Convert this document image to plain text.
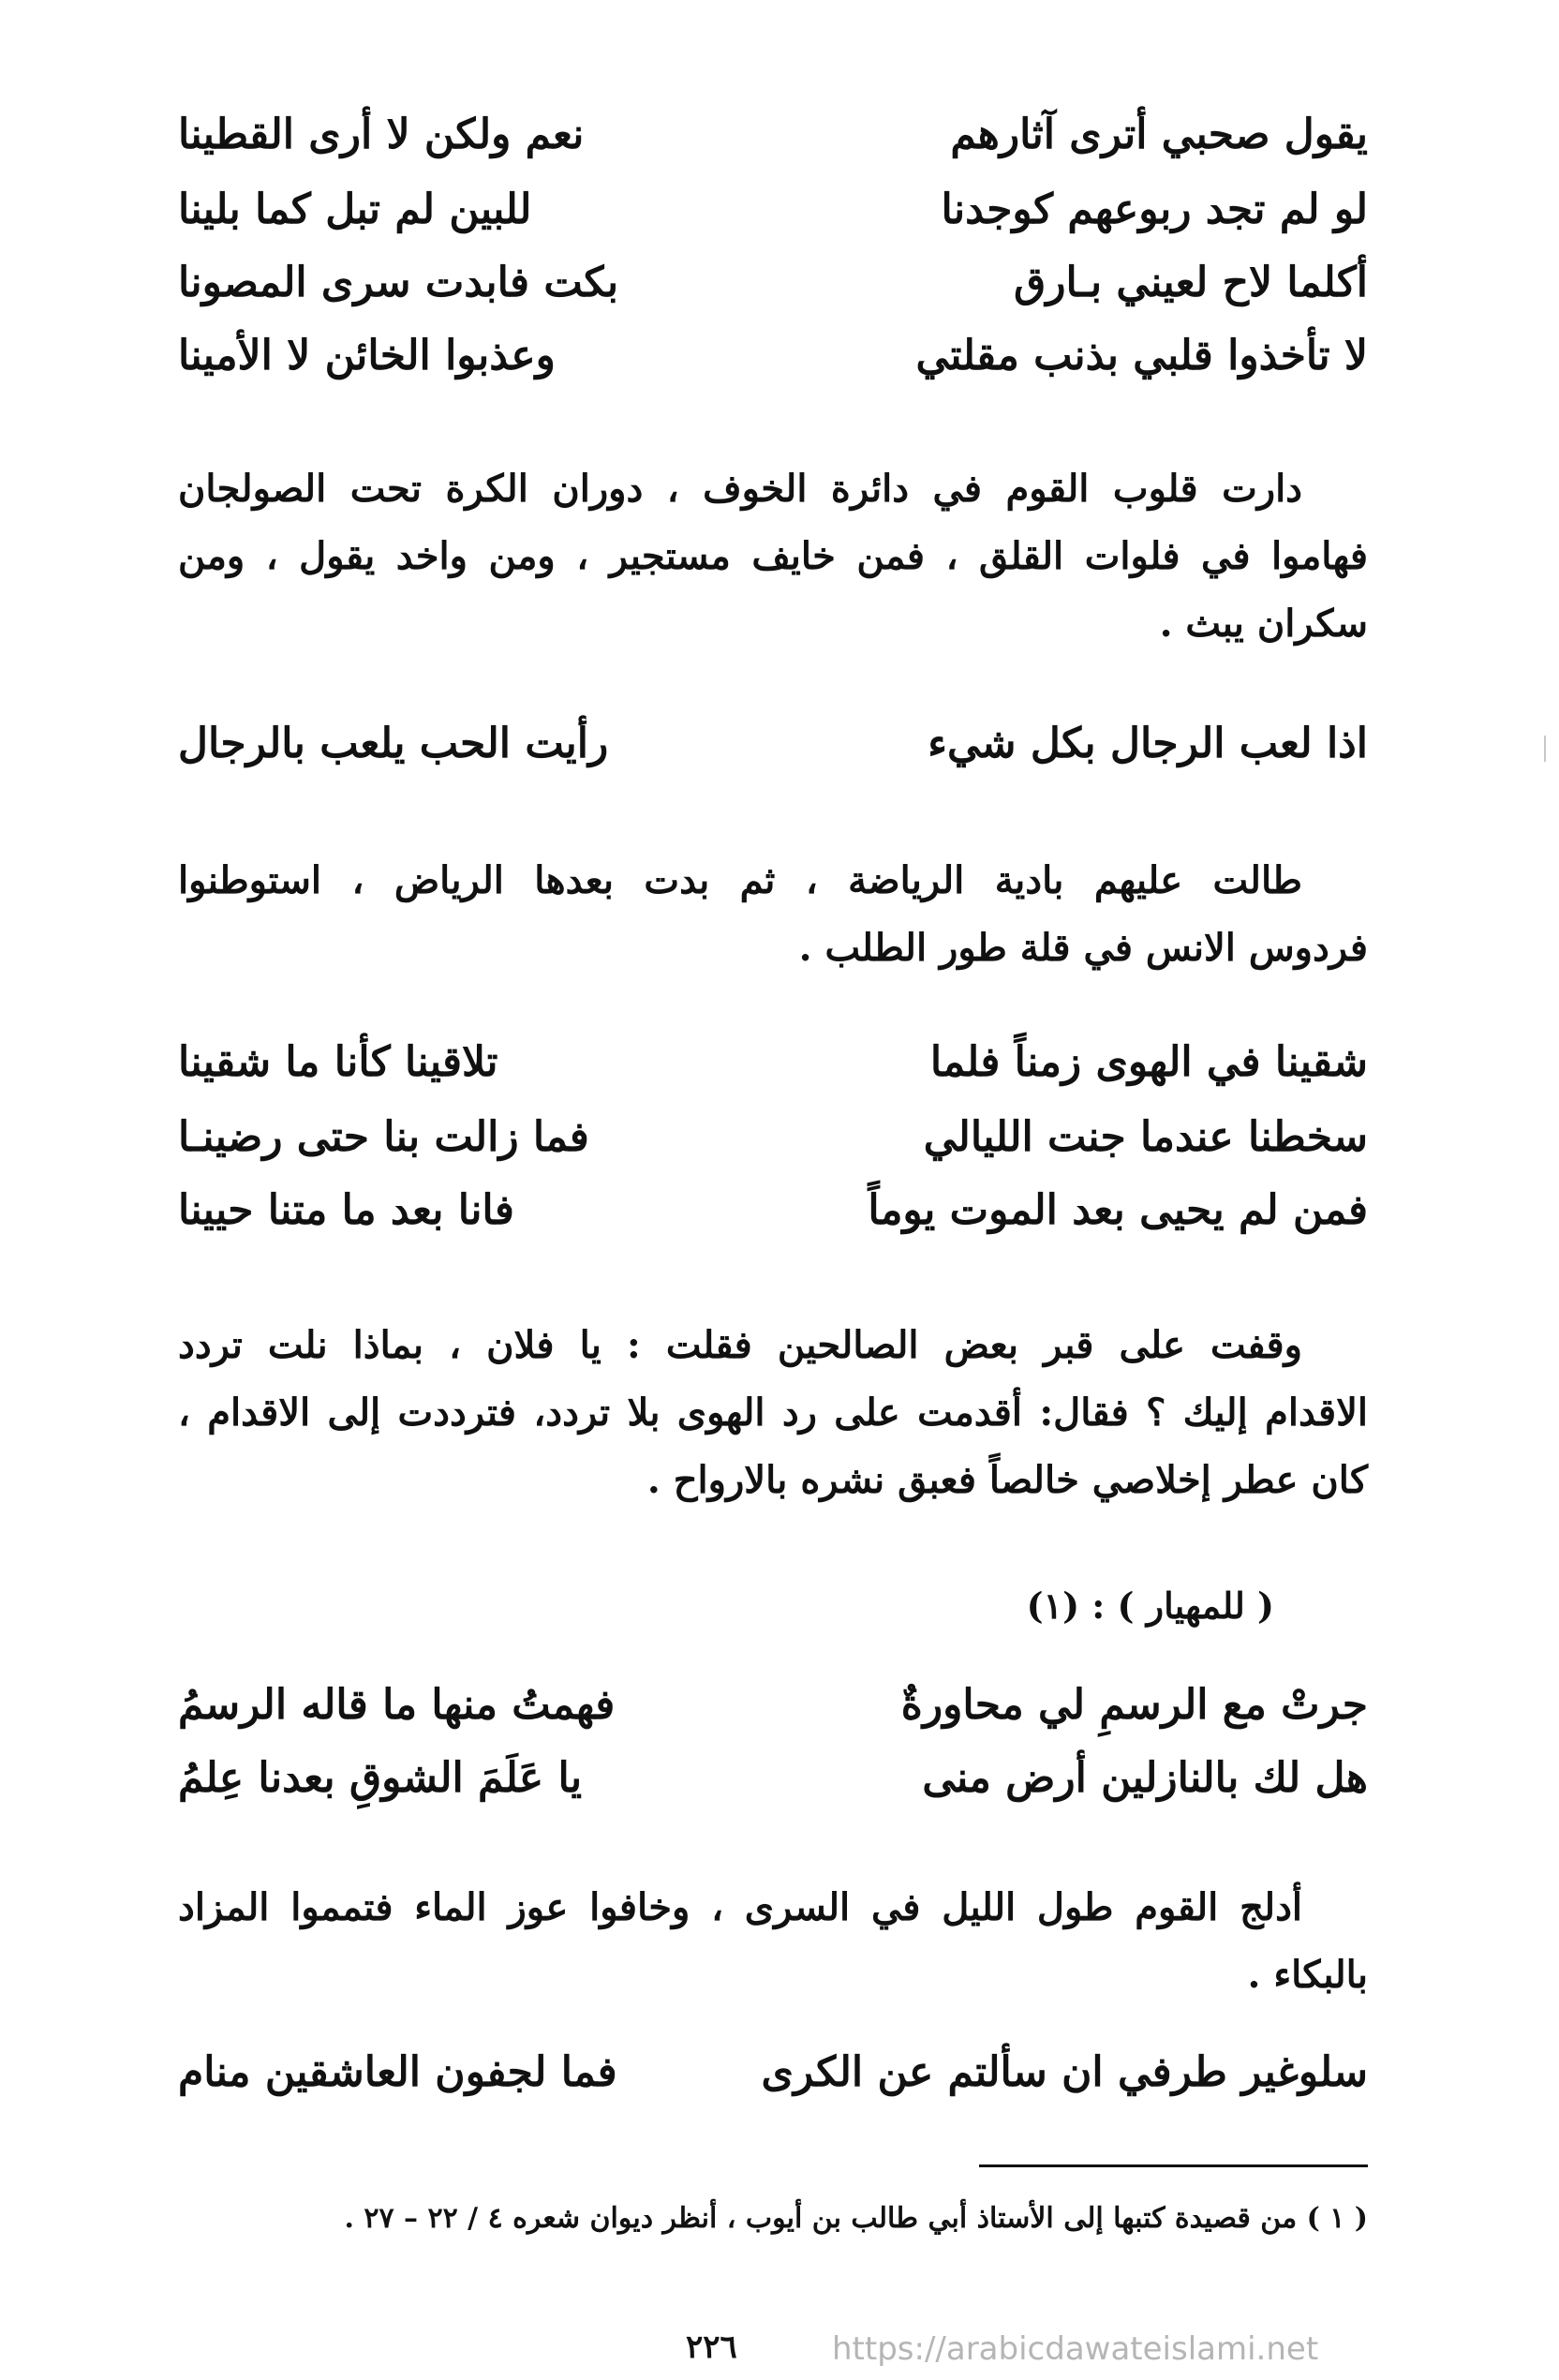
يقول صحبي أترى آثارهم
نعم ولكن لا أرى القطينا
لو لم تجد ربوعهم كوجدنا
للبين لم تبل كما بلينا
أكلما لاح لعيني بـارق
بكت فابدت سرى المصونا
لا تأخذوا قلبي بذنب مقلتي
وعذبوا الخائن لا الأمينا
دارت قلوب القوم في دائرة الخوف ، دوران الكرة تحت الصولجان
فهاموا في فلوات القلق ، فمن خايف مستجير ، ومن واخد يقول ، ومن
سكران يبث .
اذا لعب الرجال بكل شيء
رأيت الحب يلعب بالرجال
طالت عليهم بادية الرياضة ، ثم بدت بعدها الرياض ، استوطنوا
فردوس الانس في قلة طور الطلب .
شقينا في الهوى زمناً فلما
تلاقينا كأنا ما شقينا
سخطنا عندما جنت الليالي
فما زالت بنا حتى رضينـا
فمن لم يحيى بعد الموت يوماً
فانا بعد ما متنا حيينا
وقفت على قبر بعض الصالحين فقلت : يا فلان ، بماذا نلت تردد
الاقدام إليك ؟ فقال: أقدمت على رد الهوى بلا تردد، فترددت إلى الاقدام ،
كان عطر إخلاصي خالصاً فعبق نشره بالارواح .
( للمهيار ) : (١)
جرتْ مع الرسمِ لي محاورةٌ
فهمتُ منها ما قاله الرسمُ
هل لك بالنازلين أرض منى
يا عَلَمَ الشوقِ بعدنا عِلمُ
أدلج القوم طول الليل في السرى ، وخافوا عوز الماء فتمموا المزاد
بالبكاء .
سلوغير طرفي ان سألتم عن الكرى
فما لجفون العاشقين منام
( ١ ) من قصيدة كتبها إلى الأستاذ أبي طالب بن أيوب ، أنظر ديوان شعره ٤ / ٢٢ – ٢٧ .
٢٢٦	https://arabicdawateislami.net
